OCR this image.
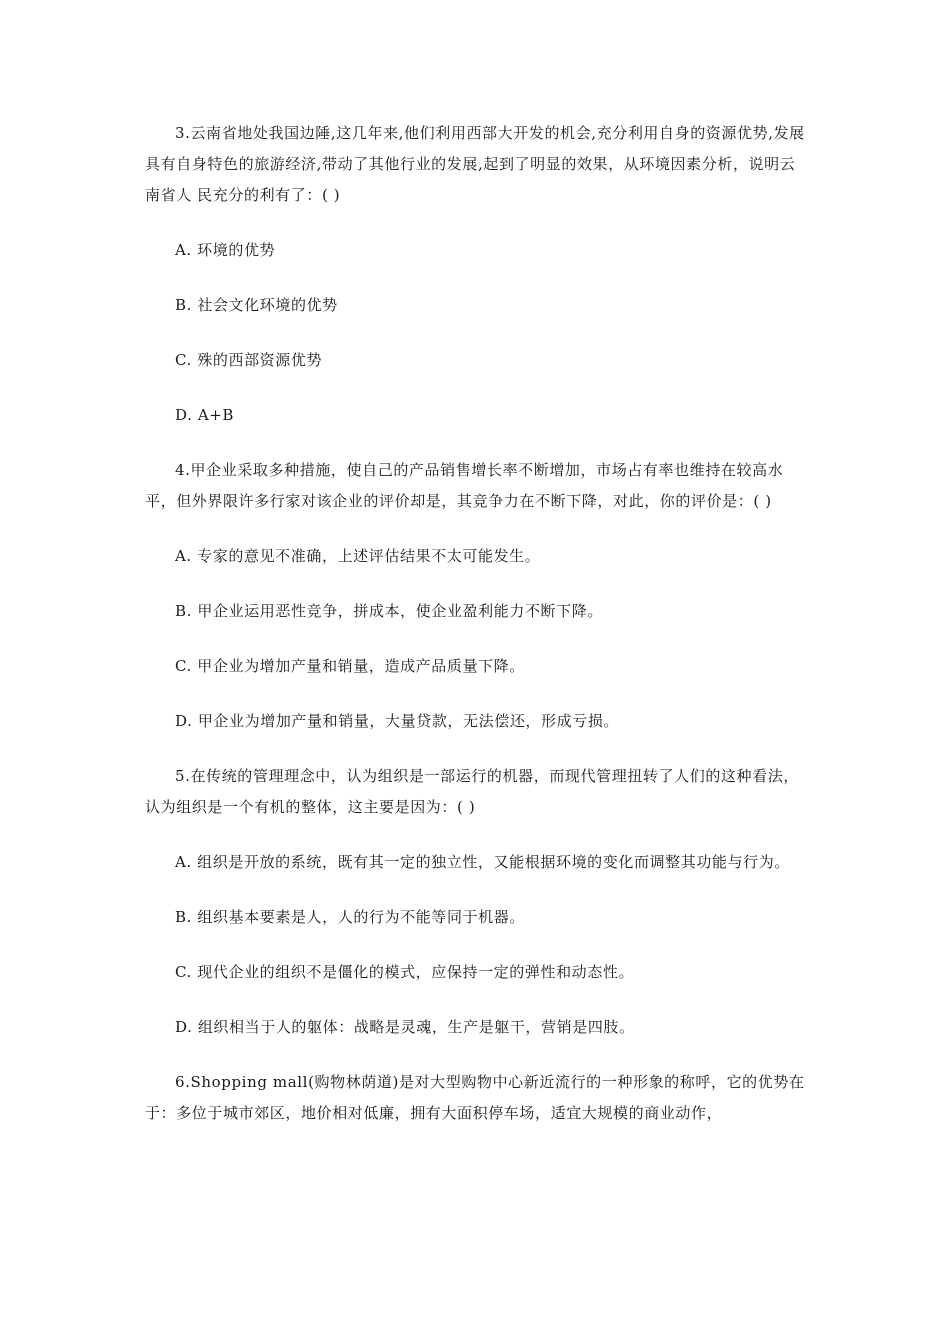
3.云南省地处我国边陲,这几年来,他们利用西部大开发的机会,充分利用自身的资源优势,发展具有自身特色的旅游经济,带动了其他行业的发展,起到了明显的效果，从环境因素分析，说明云南省人 民充分的利有了：( )

A. 环境的优势

B. 社会文化环境的优势

C. 殊的西部资源优势

D. A+B

4.甲企业采取多种措施，使自己的产品销售增长率不断增加，市场占有率也维持在较高水平，但外界限许多行家对该企业的评价却是，其竞争力在不断下降，对此，你的评价是：( )

A. 专家的意见不准确，上述评估结果不太可能发生。

B. 甲企业运用恶性竞争，拼成本，使企业盈利能力不断下降。

C. 甲企业为增加产量和销量，造成产品质量下降。

D. 甲企业为增加产量和销量，大量贷款，无法偿还，形成亏损。

5.在传统的管理理念中，认为组织是一部运行的机器，而现代管理扭转了人们的这种看法，认为组织是一个有机的整体，这主要是因为：( )

A. 组织是开放的系统，既有其一定的独立性，又能根据环境的变化而调整其功能与行为。

B. 组织基本要素是人，人的行为不能等同于机器。

C. 现代企业的组织不是僵化的模式，应保持一定的弹性和动态性。

D. 组织相当于人的躯体：战略是灵魂，生产是躯干，营销是四肢。

6.Shopping mall(购物林荫道)是对大型购物中心新近流行的一种形象的称呼，它的优势在于：多位于城市郊区，地价相对低廉，拥有大面积停车场，适宜大规模的商业动作，
